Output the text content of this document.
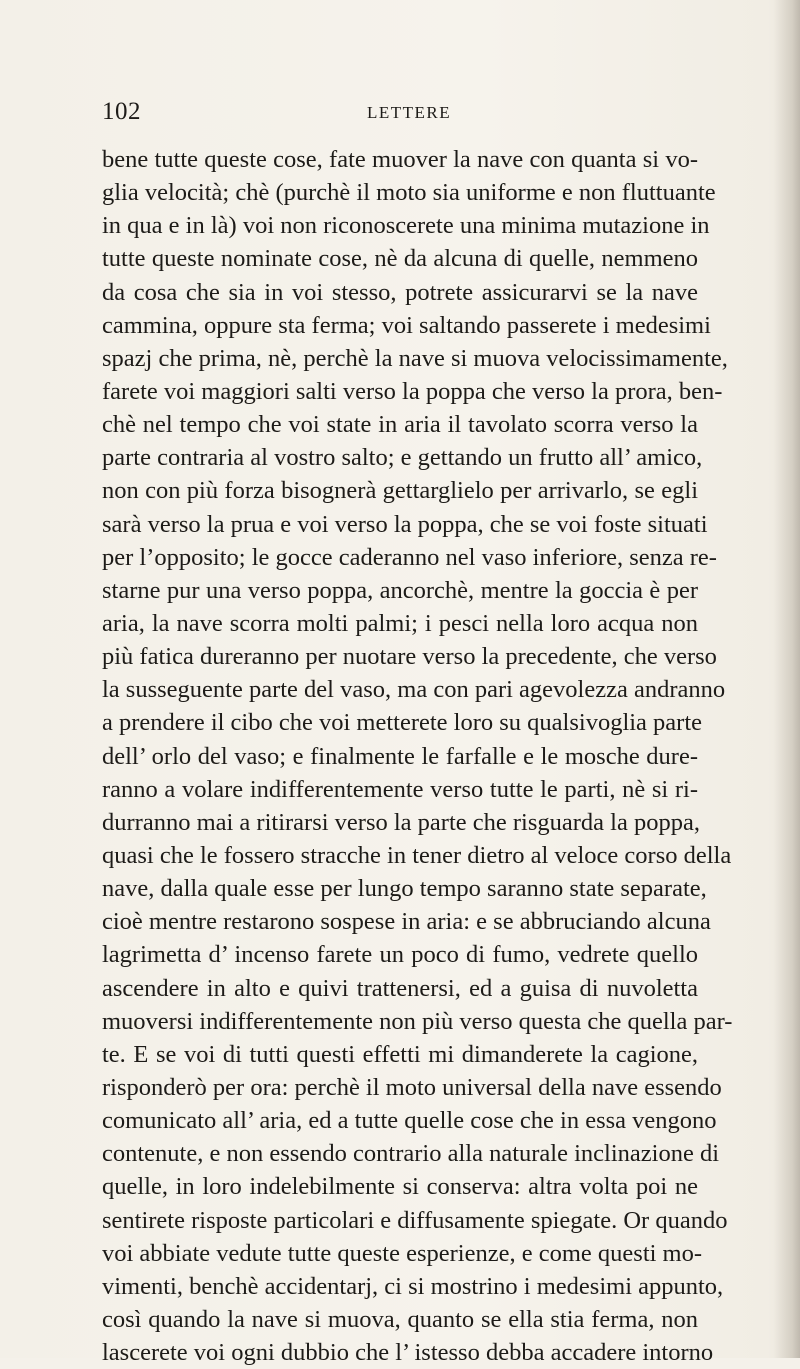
102	LETTERE
bene tutte queste cose, fate muover la nave con quanta si vo-
glia velocità; chè (purchè il moto sia uniforme e non fluttuante
in qua e in là) voi non riconoscerete una minima mutazione in
tutte queste nominate cose, nè da alcuna di quelle, nemmeno
da cosa che sia in voi stesso, potrete assicurarvi se la nave
cammina, oppure sta ferma; voi saltando passerete i medesimi
spazj che prima, nè, perchè la nave si muova velocissimamente,
farete voi maggiori salti verso la poppa che verso la prora, ben-
chè nel tempo che voi state in aria il tavolato scorra verso la
parte contraria al vostro salto; e gettando un frutto all’ amico,
non con più forza bisognerà gettarglielo per arrivarlo, se egli
sarà verso la prua e voi verso la poppa, che se voi foste situati
per l’opposito; le gocce caderanno nel vaso inferiore, senza re-
starne pur una verso poppa, ancorchè, mentre la goccia è per
aria, la nave scorra molti palmi; i pesci nella loro acqua non
più fatica dureranno per nuotare verso la precedente, che verso
la susseguente parte del vaso, ma con pari agevolezza andranno
a prendere il cibo che voi metterete loro su qualsivoglia parte
dell’ orlo del vaso; e finalmente le farfalle e le mosche dure-
ranno a volare indifferentemente verso tutte le parti, nè si ri-
durranno mai a ritirarsi verso la parte che risguarda la poppa,
quasi che le fossero stracche in tener dietro al veloce corso della
nave, dalla quale esse per lungo tempo saranno state separate,
cioè mentre restarono sospese in aria: e se abbruciando alcuna
lagrimetta d’ incenso farete un poco di fumo, vedrete quello
ascendere in alto e quivi trattenersi, ed a guisa di nuvoletta
muoversi indifferentemente non più verso questa che quella par-
te. E se voi di tutti questi effetti mi dimanderete la cagione,
risponderò per ora: perchè il moto universal della nave essendo
comunicato all’ aria, ed a tutte quelle cose che in essa vengono
contenute, e non essendo contrario alla naturale inclinazione di
quelle, in loro indelebilmente si conserva: altra volta poi ne
sentirete risposte particolari e diffusamente spiegate. Or quando
voi abbiate vedute tutte queste esperienze, e come questi mo-
vimenti, benchè accidentarj, ci si mostrino i medesimi appunto,
così quando la nave si muova, quanto se ella stia ferma, non
lascerete voi ogni dubbio che l’ istesso debba accadere intorno
